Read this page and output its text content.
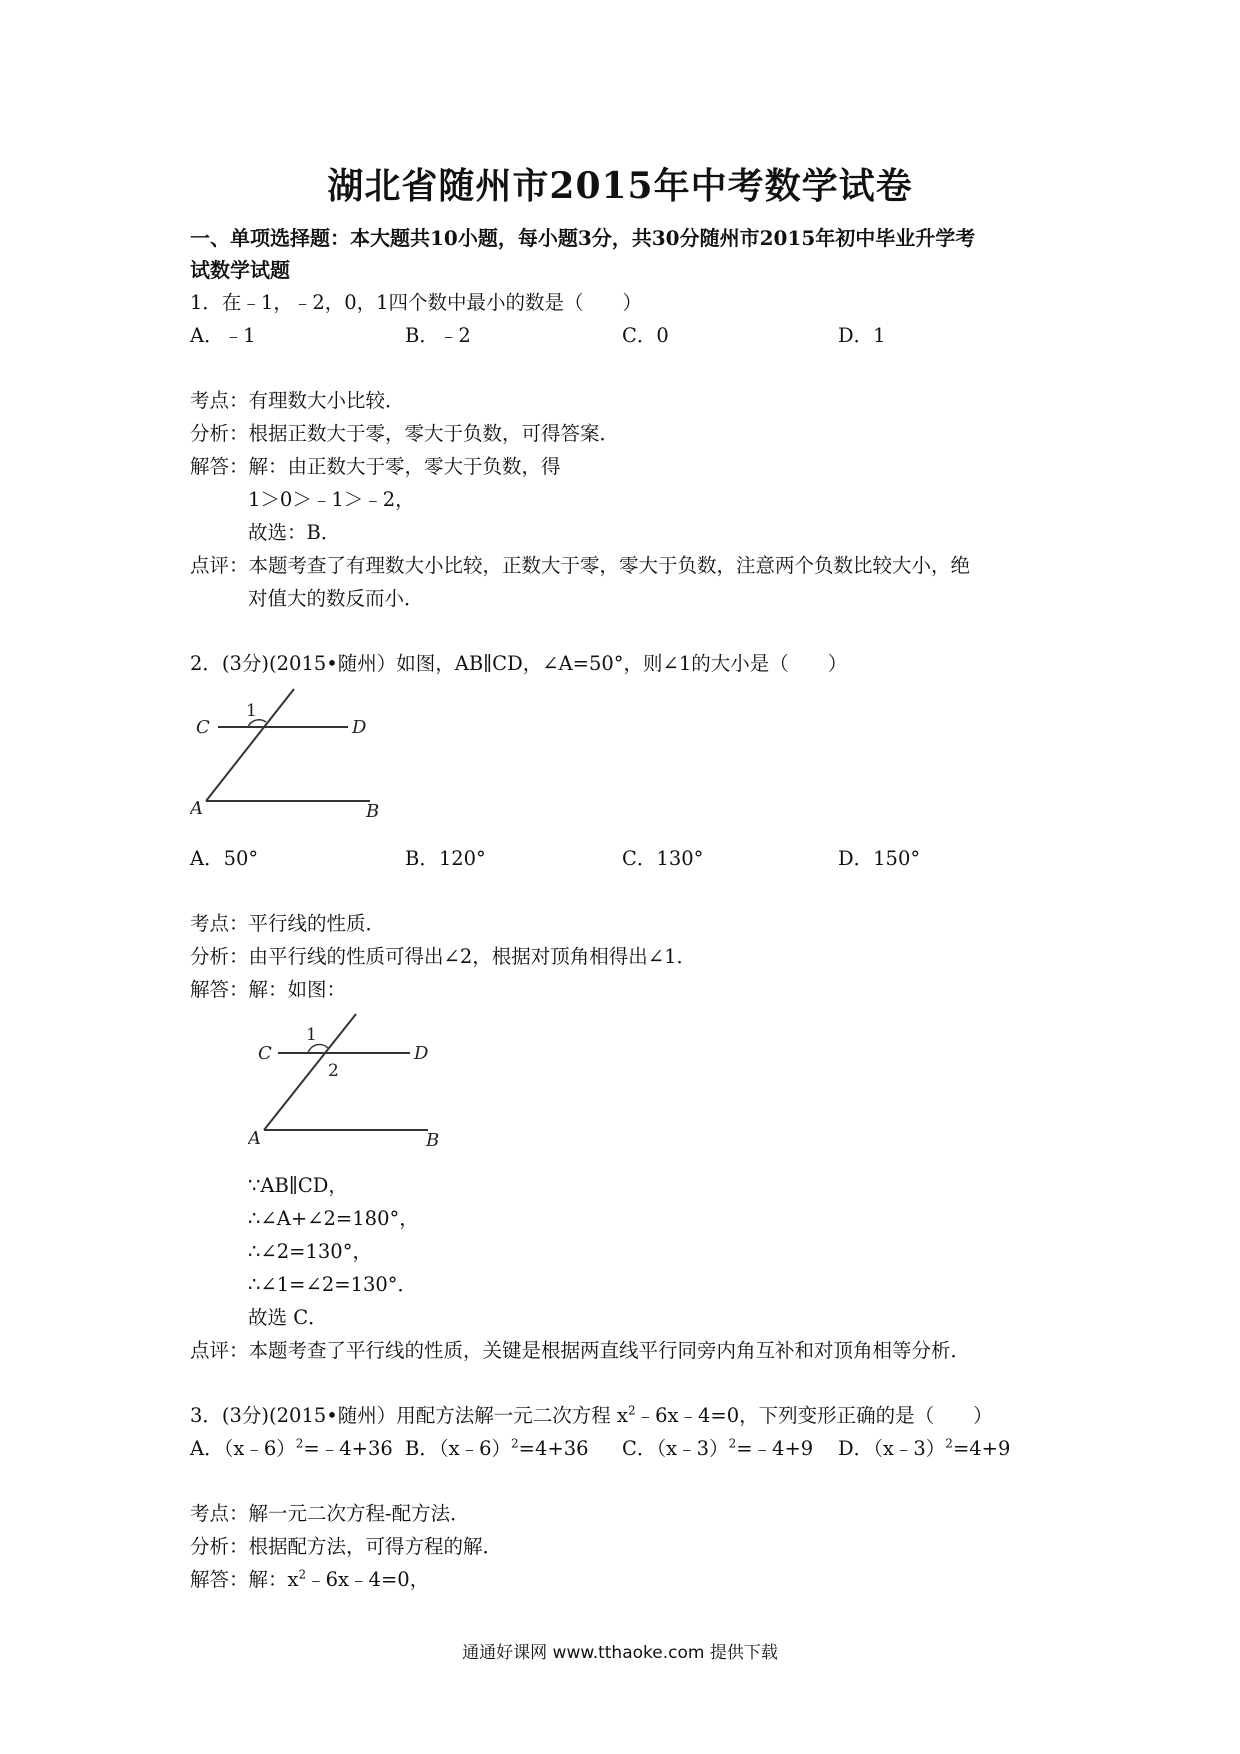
湖北省随州市2015年中考数学试卷
一、单项选择题：本大题共10小题，每小题3分，共30分随州市2015年初中毕业升学考
试数学试题
1．在﹣1，﹣2，0，1四个数中最小的数是（　　）
A．﹣1	B．﹣2	C．0	D．1
考点：有理数大小比较．
分析：根据正数大于零，零大于负数，可得答案．
解答：解：由正数大于零，零大于负数，得
1＞0＞﹣1＞﹣2，
故选：B．
点评：本题考查了有理数大小比较，正数大于零，零大于负数，注意两个负数比较大小，绝
对值大的数反而小．
2．(3分)(2015•随州）如图，AB∥CD，∠A=50°，则∠1的大小是（　　）
C	D
A	B
1
A．50°	B．120°	C．130°	D．150°
考点：平行线的性质．
分析：由平行线的性质可得出∠2，根据对顶角相得出∠1．
解答：解：如图：
C	D
A	B
1
2
∵AB∥CD，
∴∠A+∠2=180°，
∴∠2=130°，
∴∠1=∠2=130°．
故选 C．
点评：本题考查了平行线的性质，关键是根据两直线平行同旁内角互补和对顶角相等分析．
3．(3分)(2015•随州）用配方法解一元二次方程 $x^2﹣6x﹣4=0$，下列变形正确的是（　　）
A．（x﹣6）$^2$=﹣4+36 B．（x﹣6）$^2$=4+36 C．（x﹣3）$^2$=﹣4+9 D．（x﹣3）$^2$=4+9
考点：解一元二次方程-配方法．
分析：根据配方法，可得方程的解．
解答：解：$x^2﹣6x﹣4=0$，
通通好课网 www.tthaoke.com 提供下载
